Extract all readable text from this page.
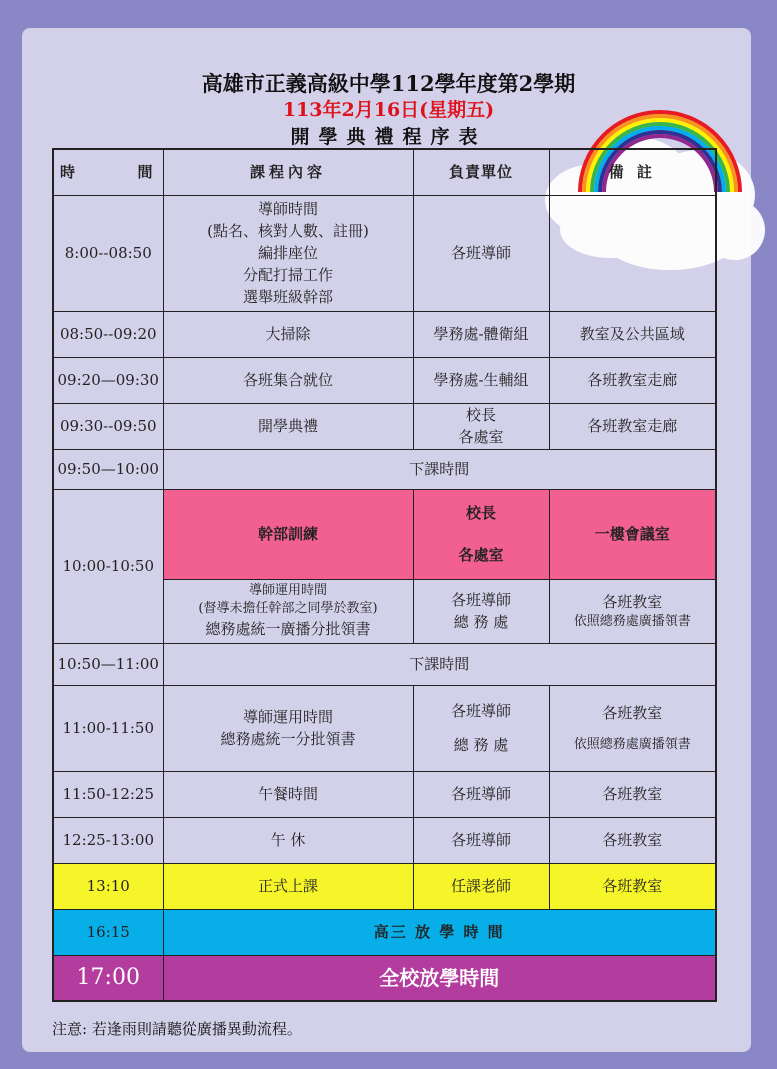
高雄市正義高級中學112學年度第2學期
113年2月16日(星期五)
開學典禮程序表
時 間	課程內容	負責單位	備 註
8:00--08:50	導師時間
(點名、核對人數、註冊)
編排座位
分配打掃工作
選舉班級幹部	各班導師	
08:50--09:20	大掃除	學務處-體衛組	教室及公共區域
09:20—09:30	各班集合就位	學務處-生輔組	各班教室走廊
09:30--09:50	開學典禮	校長
各處室	各班教室走廊
09:50—10:00	下課時間		
10:00-10:50	幹部訓練	校長
各處室	一樓會議室

	導師運用時間
(督導未擔任幹部之同學於教室)
總務處統一廣播分批領書	各班導師
總 務 處	各班教室
依照總務處廣播領書

10:50—11:00	下課時間		
11:00-11:50	導師運用時間
總務處統一分批領書	各班導師
總 務 處	各班教室
依照總務處廣播領書

11:50-12:25	午餐時間	各班導師	各班教室
12:25-13:00	午 休	各班導師	各班教室
13:10	正式上課	任課老師	各班教室
16:15	高三 放 學 時 間		
17:00	全校放學時間		

注意: 若逢雨則請聽從廣播異動流程。
